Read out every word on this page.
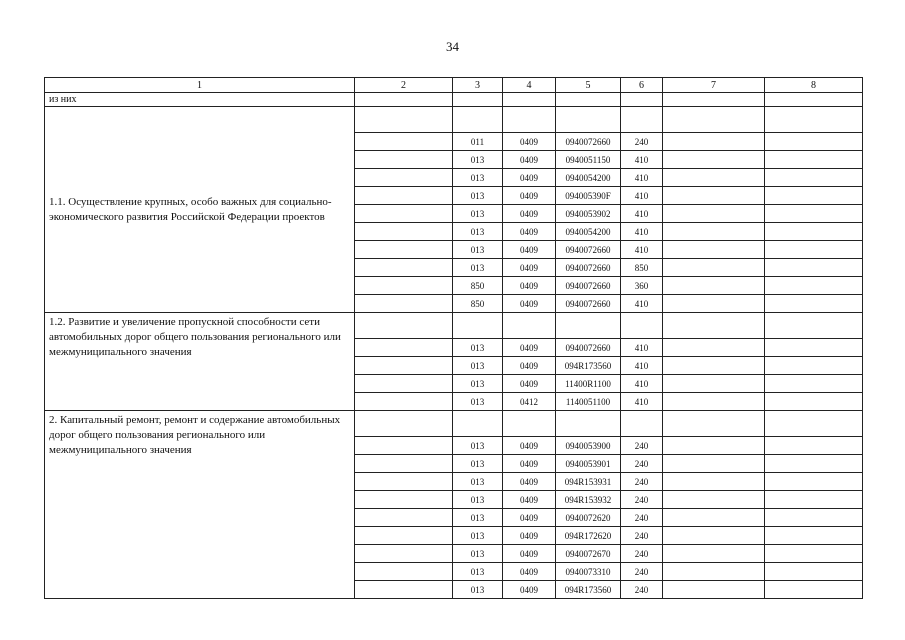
34
1	2	3	4	5	6	7	8
из них							
1.1. Осуществление крупных, особо важных для социально-экономического развития Российской Федерации проектов							
		011	0409	0940072660	240		
		013	0409	0940051150	410		
		013	0409	0940054200	410		
		013	0409	094005390F	410		
		013	0409	0940053902	410		
		013	0409	0940054200	410		
		013	0409	0940072660	410		
		013	0409	0940072660	850		
		850	0409	0940072660	360		
		850	0409	0940072660	410		
1.2. Развитие и увеличение пропускной способности сети автомобильных дорог общего пользования регионального или межмуниципального значения							
		013	0409	0940072660	410		
		013	0409	094R173560	410		
		013	0409	11400R1100	410		
		013	0412	1140051100	410		
2. Капитальный ремонт, ремонт и содержание автомобильных дорог общего пользования регионального или межмуниципального значения							
		013	0409	0940053900	240		
		013	0409	0940053901	240		
		013	0409	094R153931	240		
		013	0409	094R153932	240		
		013	0409	0940072620	240		
		013	0409	094R172620	240		
		013	0409	0940072670	240		
		013	0409	0940073310	240		
		013	0409	094R173560	240		
